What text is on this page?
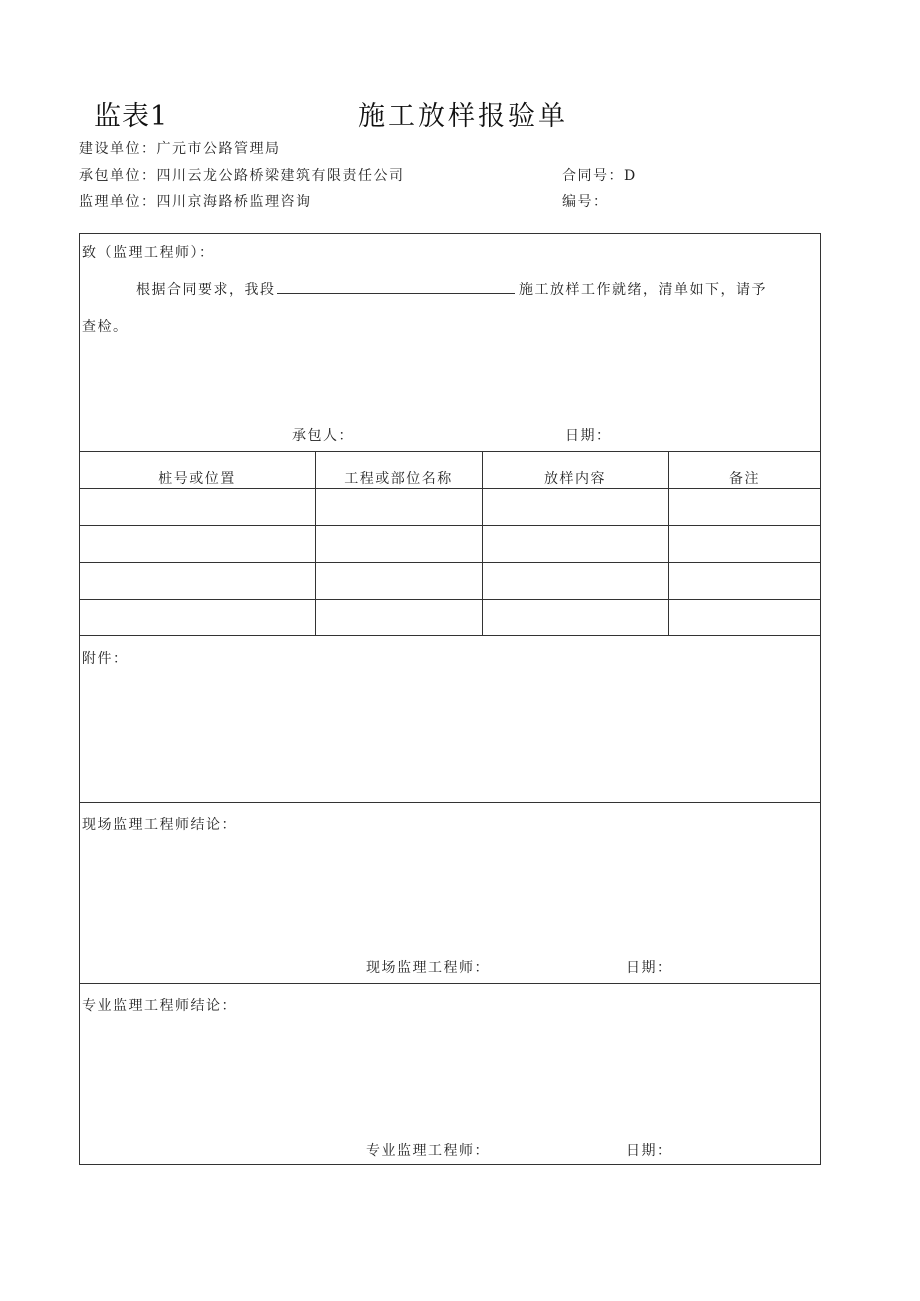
监表1	施工放样报验单
建设单位：广元市公路管理局
承包单位：四川云龙公路桥梁建筑有限责任公司	合同号：D
监理单位：四川京海路桥监理咨询	编号：
致（监理工程师）：
根据合同要求，我段	施工放样工作就绪，清单如下，请予
查检。
承包人：	日期：
桩号或位置	工程或部位名称	放样内容	备注
附件：
现场监理工程师结论：
现场监理工程师：	日期：
专业监理工程师结论：
专业监理工程师：	日期：
